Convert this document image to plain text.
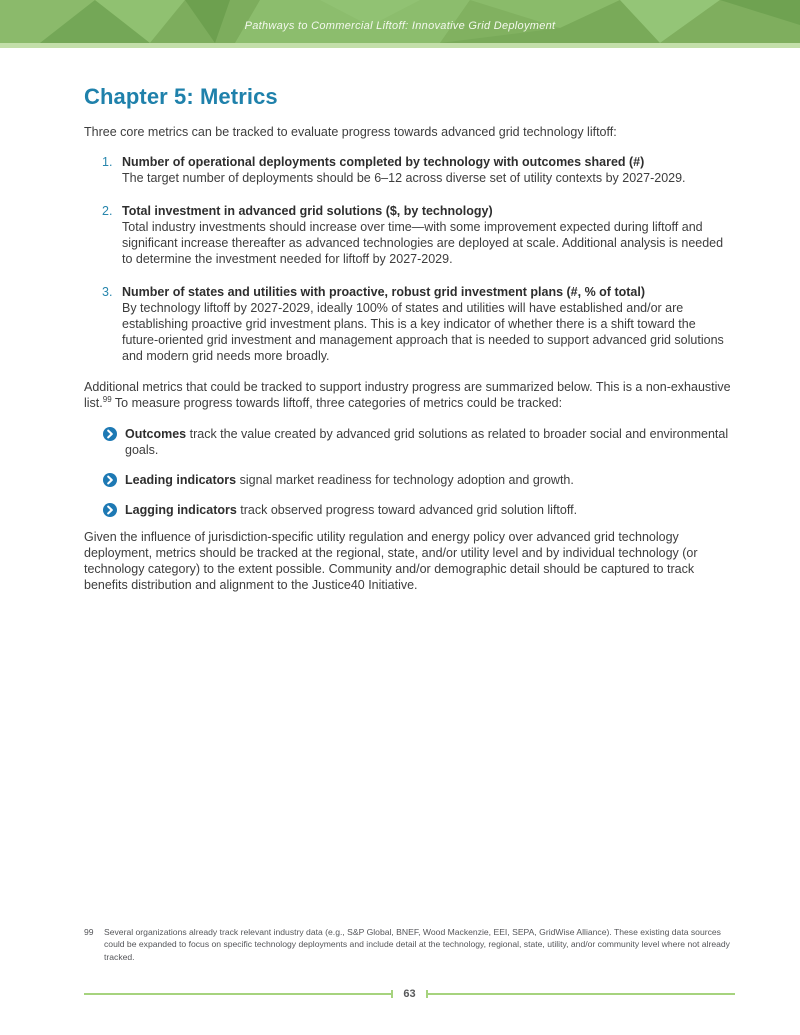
Pathways to Commercial Liftoff: Innovative Grid Deployment
Chapter 5: Metrics

Three core metrics can be tracked to evaluate progress towards advanced grid technology liftoff:

1. Number of operational deployments completed by technology with outcomes shared (#)
The target number of deployments should be 6–12 across diverse set of utility contexts by 2027-2029.
2. Total investment in advanced grid solutions ($, by technology)
Total industry investments should increase over time—with some improvement expected during liftoff and significant increase thereafter as advanced technologies are deployed at scale. Additional analysis is needed to determine the investment needed for liftoff by 2027-2029.
3. Number of states and utilities with proactive, robust grid investment plans (#, % of total)
By technology liftoff by 2027-2029, ideally 100% of states and utilities will have established and/or are establishing proactive grid investment plans. This is a key indicator of whether there is a shift toward the future-oriented grid investment and management approach that is needed to support advanced grid solutions and modern grid needs more broadly.

Additional metrics that could be tracked to support industry progress are summarized below. This is a non-exhaustive list.$^{99}$ To measure progress towards liftoff, three categories of metrics could be tracked:

Outcomes track the value created by advanced grid solutions as related to broader social and environmental goals.
Leading indicators signal market readiness for technology adoption and growth.
Lagging indicators track observed progress toward advanced grid solution liftoff.

Given the influence of jurisdiction-specific utility regulation and energy policy over advanced grid technology deployment, metrics should be tracked at the regional, state, and/or utility level and by individual technology (or technology category) to the extent possible. Community and/or demographic detail should be captured to track benefits distribution and alignment to the Justice40 Initiative.

99	Several organizations already track relevant industry data (e.g., S&P Global, BNEF, Wood Mackenzie, EEI, SEPA, GridWise Alliance). These existing data sources could be expanded to focus on specific technology deployments and include detail at the technology, regional, state, utility, and/or community level where not already tracked.
63
